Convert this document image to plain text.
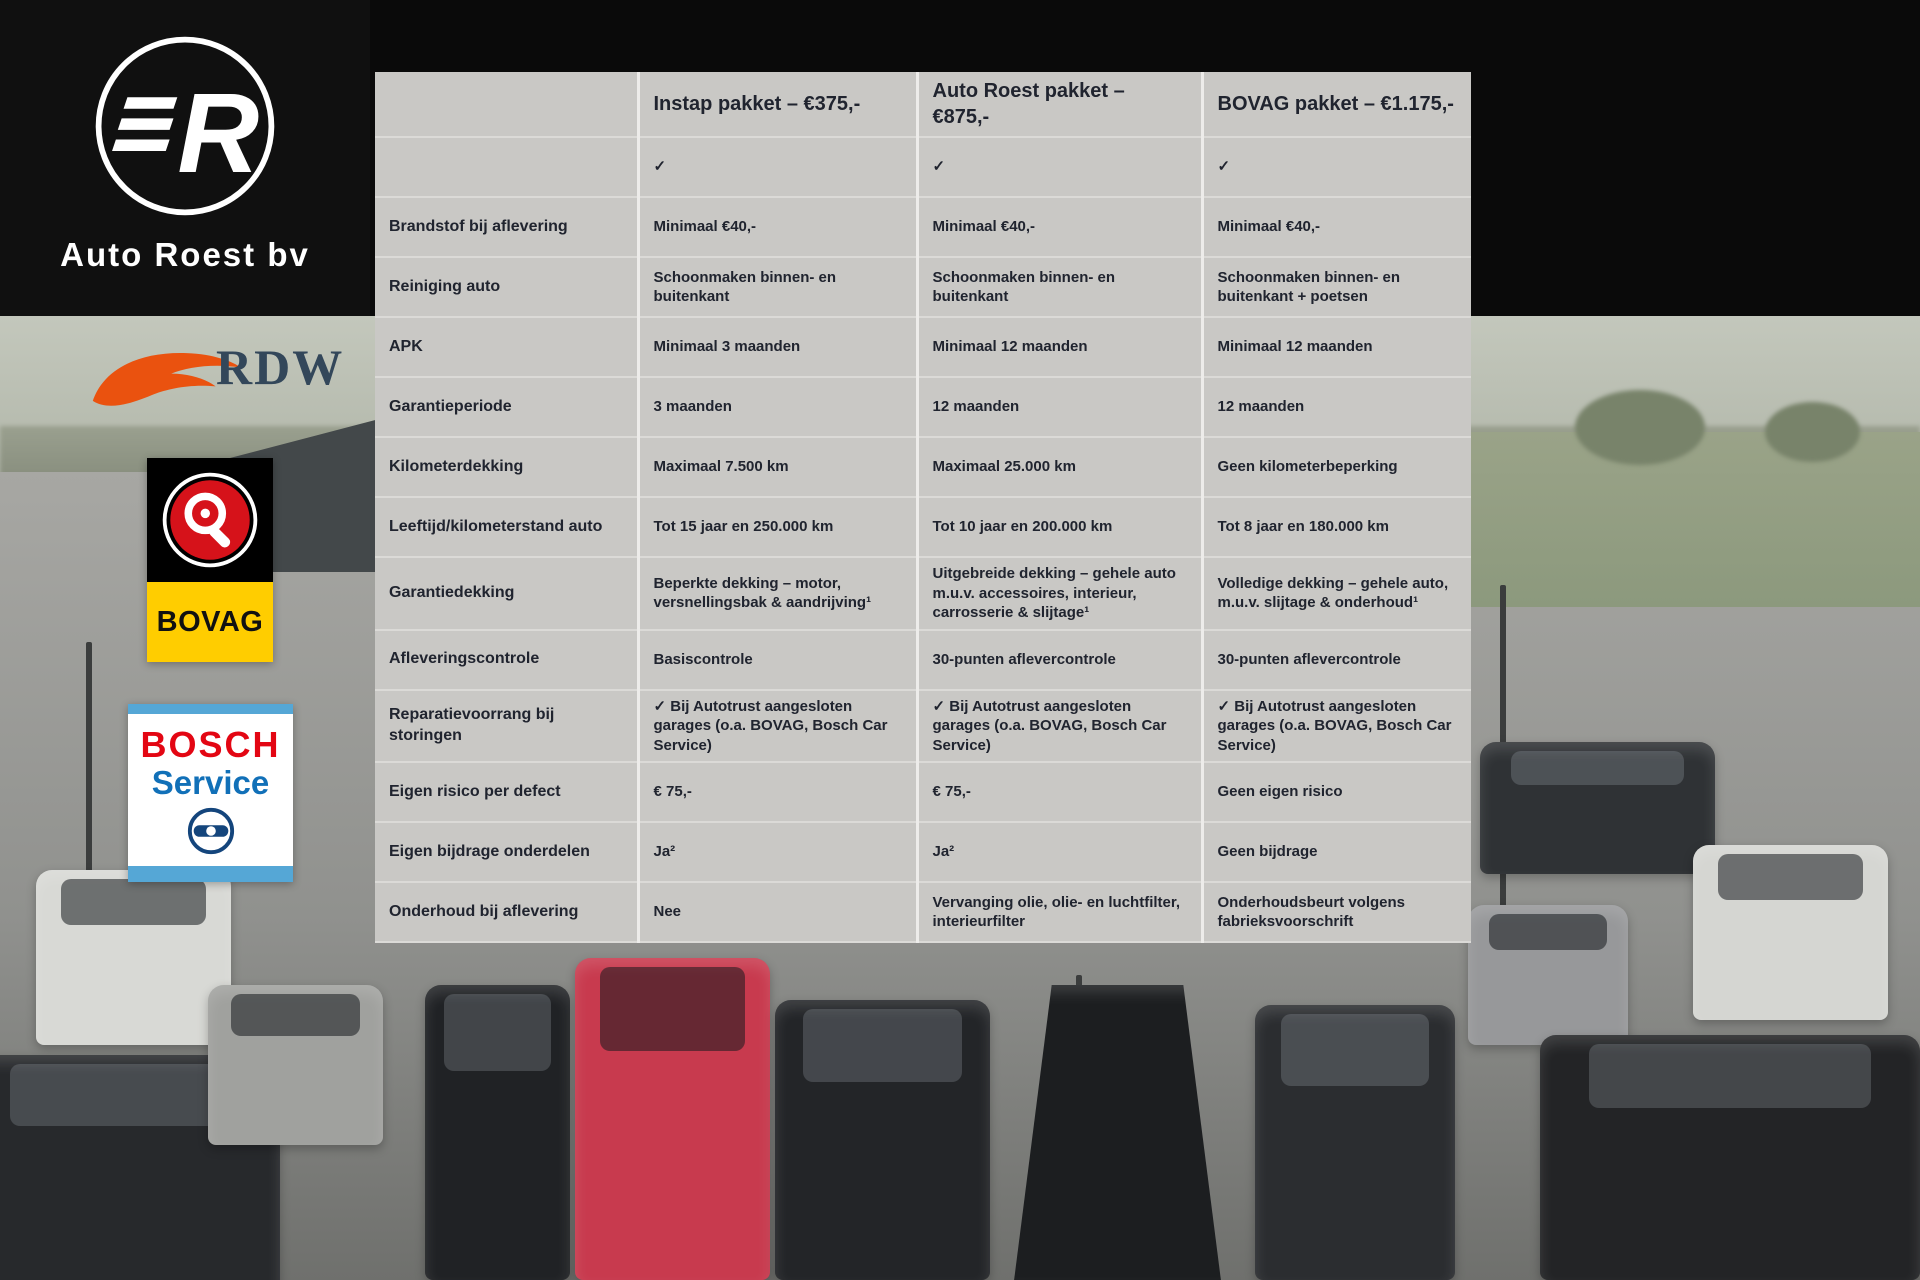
R
Auto Roest bv
RDW
BOVAG
BOSCH
Service
	Instap pakket – €375,-	Auto Roest pakket – €875,-	BOVAG pakket – €1.175,-
	✓	✓	✓
Brandstof bij aflevering	Minimaal €40,-	Minimaal €40,-	Minimaal €40,-
Reiniging auto	Schoonmaken binnen- en buitenkant	Schoonmaken binnen- en buitenkant	Schoonmaken binnen- en buitenkant + poetsen
APK	Minimaal 3 maanden	Minimaal 12 maanden	Minimaal 12 maanden
Garantieperiode	3 maanden	12 maanden	12 maanden
Kilometerdekking	Maximaal 7.500 km	Maximaal 25.000 km	Geen kilometerbeperking
Leeftijd/kilometerstand auto	Tot 15 jaar en 250.000 km	Tot 10 jaar en 200.000 km	Tot 8 jaar en 180.000 km
Garantiedekking	Beperkte dekking – motor, versnellingsbak & aandrijving¹	Uitgebreide dekking – gehele auto m.u.v. accessoires, interieur, carrosserie & slijtage¹	Volledige dekking – gehele auto, m.u.v. slijtage & onderhoud¹
Afleveringscontrole	Basiscontrole	30-punten aflevercontrole	30-punten aflevercontrole
Reparatievoorrang bij storingen	✓ Bij Autotrust aangesloten garages (o.a. BOVAG, Bosch Car Service)	✓ Bij Autotrust aangesloten garages (o.a. BOVAG, Bosch Car Service)	✓ Bij Autotrust aangesloten garages (o.a. BOVAG, Bosch Car Service)
Eigen risico per defect	€ 75,-	€ 75,-	Geen eigen risico
Eigen bijdrage onderdelen	Ja²	Ja²	Geen bijdrage
Onderhoud bij aflevering	Nee	Vervanging olie, olie- en luchtfilter, interieurfilter	Onderhoudsbeurt volgens fabrieksvoorschrift
